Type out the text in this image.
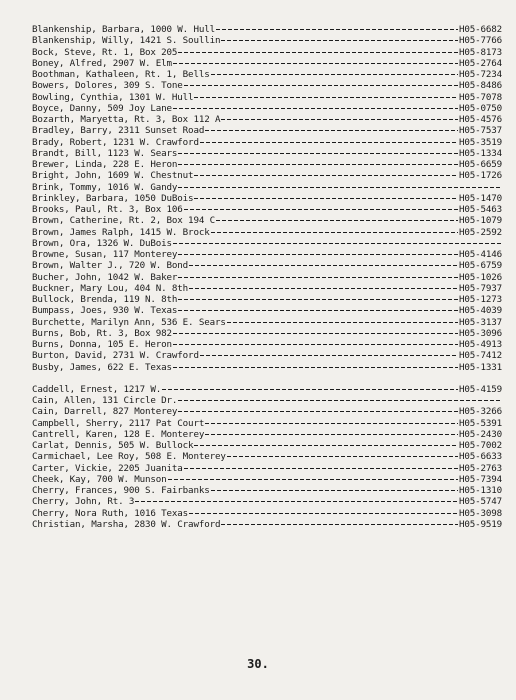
Blankenship, Barbara, 1000 W. Hull	H05-6682
Blankenship, Willy, 1421 S. Soullin	H05-7766
Bock, Steve, Rt. 1, Box 205	H05-8173
Boney, Alfred, 2907 W. Elm	H05-2764
Boothman, Kathaleen, Rt. 1, Bells	H05-7234
Bowers, Dolores, 309 S. Tone	H05-8486
Bowling, Cynthia, 1301 W. Hull	H05-7078
Boyce, Danny, 509 Joy Lane	H05-0750
Bozarth, Maryetta, Rt. 3, Box 112 A	H05-4576
Bradley, Barry, 2311 Sunset Road	H05-7537
Brady, Robert, 1231 W. Crawford	H05-3519
Brandt, Bill, 1123 W. Sears	H05-1334
Brewer, Linda, 228 E. Heron	H05-6659
Bright, John, 1609 W. Chestnut	H05-1726
Brink, Tommy, 1016 W. Gandy
Brinkley, Barbara, 1050 DuBois	H05-1470
Brooks, Paul, Rt. 3, Box 106	H05-5463
Brown, Catherine, Rt. 2, Box 194 C	H05-1079
Brown, James Ralph, 1415 W. Brock	H05-2592
Brown, Ora, 1326 W. DuBois
Browne, Susan, 117 Monterey	H05-4146
Brown, Walter J., 720 W. Bond	H05-6759
Bucher, John, 1042 W. Baker	H05-1026
Buckner, Mary Lou, 404 N. 8th	H05-7937
Bullock, Brenda, 119 N. 8th	H05-1273
Bumpass, Joes, 930 W. Texas	H05-4039
Burchette, Marilyn Ann, 536 E. Sears	H05-3137
Burns, Bob, Rt. 3, Box 982	H05-3096
Burns, Donna, 105 E. Heron	H05-4913
Burton, David, 2731 W. Crawford	H05-7412
Busby, James, 622 E. Texas	H05-1331
Caddell, Ernest, 1217 W.	H05-4159
Cain, Allen, 131 Circle Dr.
Cain, Darrell, 827 Monterey	H05-3266
Campbell, Sherry, 2117 Pat Court	H05-5391
Cantrell, Karen, 128 E. Monterey	H05-2430
Carlat, Dennis, 505 W. Bullock	H05-7002
Carmichael, Lee Roy, 508 E. Monterey	H05-6633
Carter, Vickie, 2205 Juanita	H05-2763
Cheek, Kay, 700 W. Munson	H05-7394
Cherry, Frances, 900 S. Fairbanks	H05-1310
Cherry, John, Rt. 3	H05-5747
Cherry, Nora Ruth, 1016 Texas	H05-3098
Christian, Marsha, 2830 W. Crawford	H05-9519
30.
